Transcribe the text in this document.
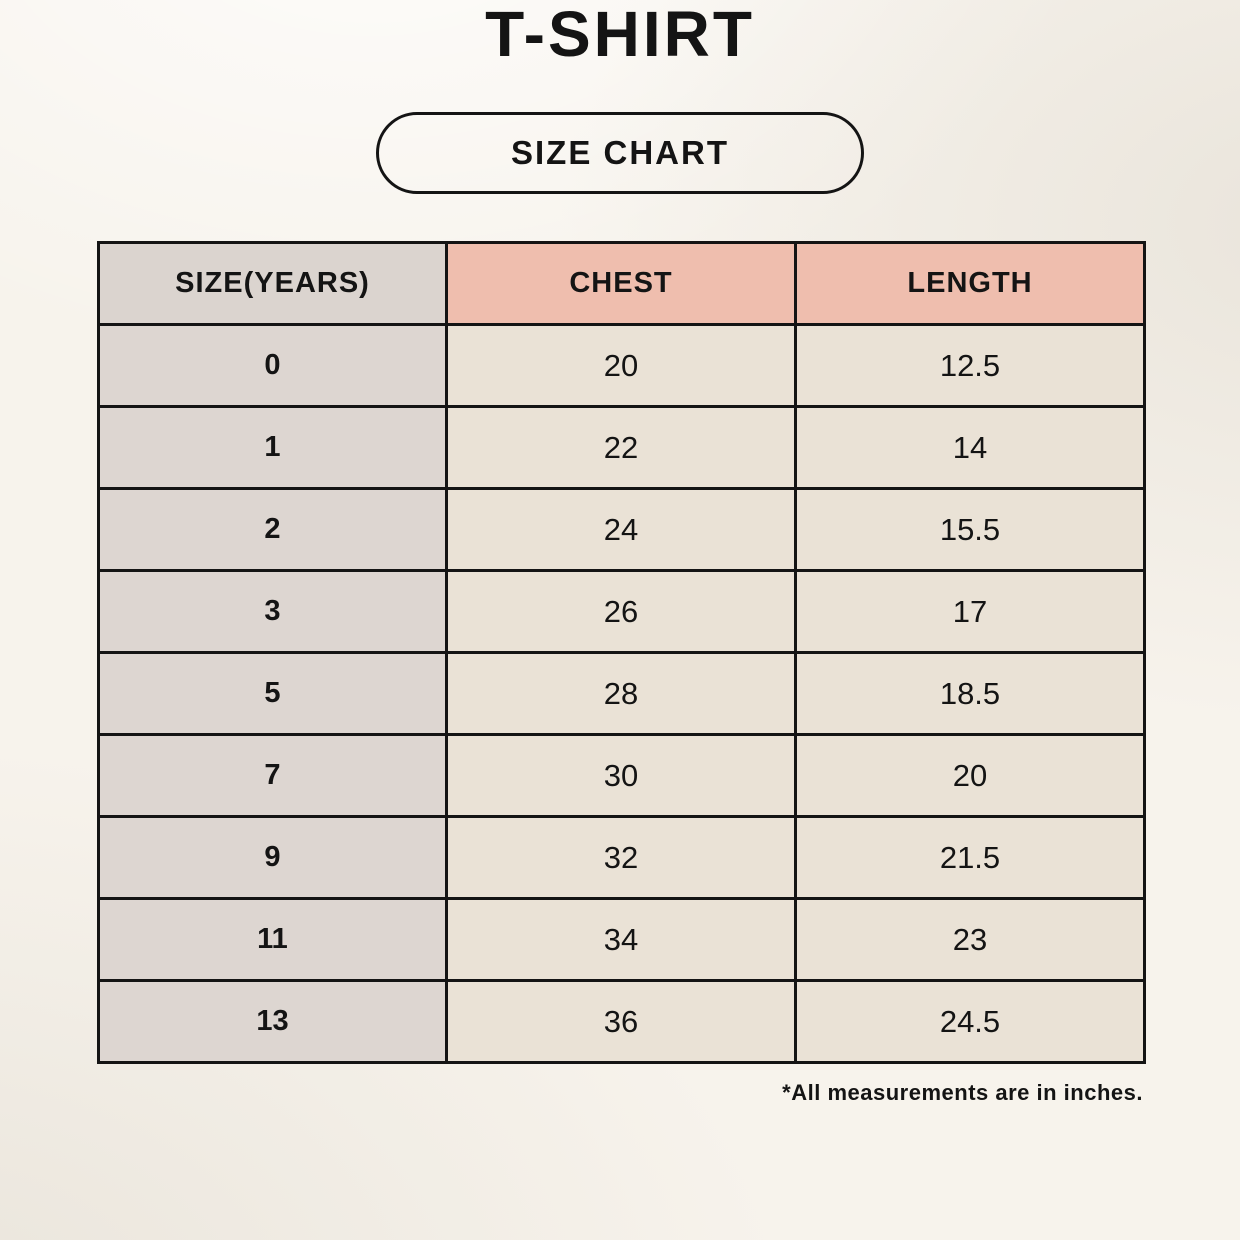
T-SHIRT
SIZE CHART
SIZE(YEARS)	CHEST	LENGTH
0	20	12.5
1	22	14
2	24	15.5
3	26	17
5	28	18.5
7	30	20
9	32	21.5
11	34	23
13	36	24.5
*All measurements are in inches.
